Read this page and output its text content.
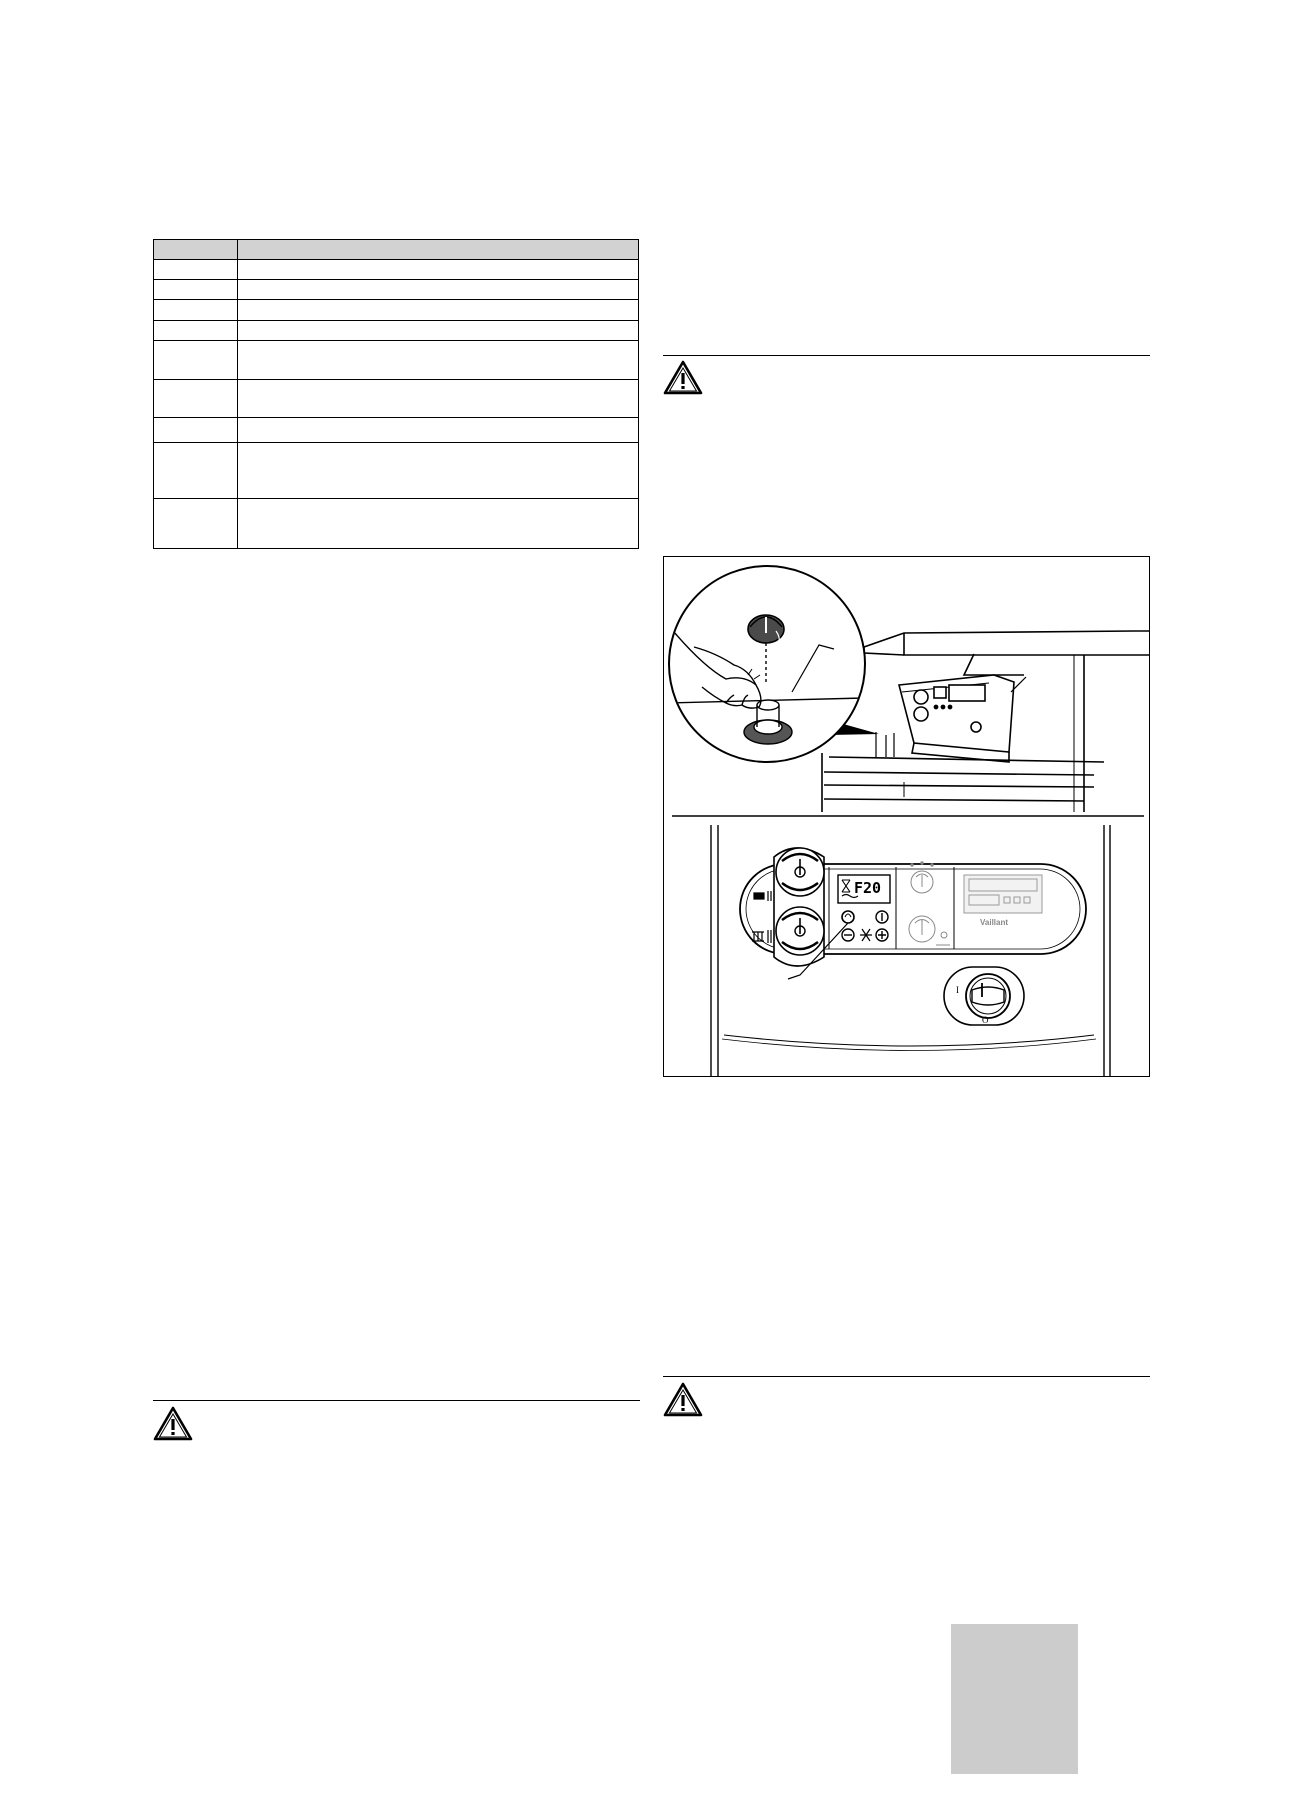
F20
Vaillant
I
O
